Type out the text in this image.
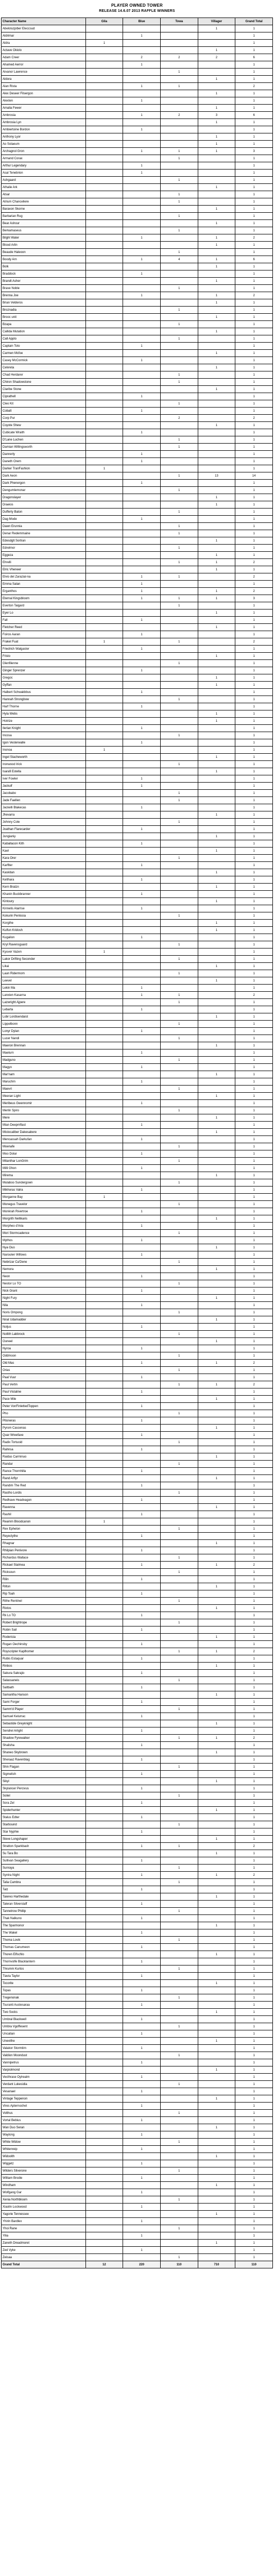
PLAYER OWNED TOWER
RELEASE 14.6.07 2013 RAFFLE WINNERS
Character Name	Gila	Blue	Towa	Villager	Grand Total
Abeloluzpiber Eleccsud				1	1
Aldrimar		1			1
Aldra	1				1
Actave Okiolo				1	1
Adam Creer		2	2	2	6
Ahamed Aerror		1			1
Aivanor Lawrence			1		1
Aldora				1	1
Alan Rista		1	1		2
Alex Deseer Filsergon				1	1
Alexten		1			1
Amalia Fewer				1	1
Ambrosia		1	2	3	6
Ambrosia Lyn				1	1
Ambiertoine Bordon		1			1
Anthony Lyor				1	1
Ao Solaeum				1	1
Archagnol Gron		1	1	1	3
Armand Corax			1		1
Arthur Legendary		1			1
Asal Tenebrion		1			1
Ashgaard			1		1
Athalie Ark				1	1
Atsar			1		1
Atrium Chanceliere			1		1
Baraxon Skorne				1	1
Barbarian Rug			1		1
Bear Ashour				1	1
Berkamaseus			1		1
Bilghl Water		1		1	2
Blood Arlin				1	1
Beaude Haleoon			1		1
Boody Arn		1	4	1	6
Bolk				1	1
Braddock		1			1
Brandt Asher				1	1
Brave Noble			1		1
Brenna Joe		1		1	2
Brian Velderos				1	1
Broznadia			1		1
Brooc unit				1	1
Bzapa			1		1
Callida Mutation				1	1
Call Applo			1		1
Captain Toto		1			1
Carmen Mcfoe				1	1
Casey McCormick		1			1
Celvreta				1	1
Chad Herdarer			1		1
Chiron Shadowstone			1		1
Claribe Stone				1	1
Ciprathell		1			1
Cleo Kit			1		1
Cobalt		1			1
Corp Pur			2		2
Coyote Shew				1	1
Cubicate Wraith		1			1
D'Lane Luchen			1		1
Damian Willingsworth			1		1
Dannerly		1			1
Daneth Orem		1			1
Darker TranFashion	1				1
Dark Aeon			1	13	14
Dark Phenergon		1			1
Dengumlemonar			1		1
Dragonslayer				1	1
Draeios				1	1
Dufferty Baton			1		1
Dag Mode		1			1
Dawn Erunnia			1		1
Denar Redemmaine			1		1
Edesdglt Sortran				1	1
Edrelmor			1		1
Eggeza				1	1
Ehrelli			1	1	2
Elric Vheneer				1	1
Elvio del Zarazial-na		1	1		2
Emma Salan		1			1
Erganthos		1		1	2
Eternal Kingsbloom		1	1	1	3
Everton Taigard			1		1
Eyer Lo				1	1
Fall		1			1
Fletcher Reed				1	1
Foiros Aaran		1			1
Frakel Fuat	1		1		2
Friedrich Walgaster		1			1
Fristo				1	1
Glenfilenne			1		1
Ginger Sprenzer		1			1
Gregoc				1	1
Gyffan				1	1
Halbert Schwakbbus		1			1
Hannah Strongbow			1		1
Harf Thorne		1			1
Hyla Webs				1	1
Hotrize				1	1
Ilerlan Knight		1			1
Incosa			1		1
Igon Vesterwalle		1			1
Inonoa	1				1
Ingel Stacheworth				1	1
Ironwood Irick			1		1
Isarafi Estella				1	1
Iver Fowler		1			1
Jackulf		1			1
Jacobabo			1		1
Jade Faellen			1		1
Jackelli Blakecas		1			1
Jhevarra				1	1
Johnny Cole			1		1
Joathan Flarecarder		1			1
Jungianiy				1	1
Kaballacon Kith		1			1
Kael				1	1
Kara Orer			1		1
Karflter		1			1
Kaskitan				1	1
Kelthara		1			1
Kern Bratzn				1	1
Khanin Buckbranner		1			1
Kintoury				1	1
Kinnelis Alarrise		1			1
Kokurin Penlosia			1		1
Korgthe				1	1
Kulfun Kridosh				1	1
Kugalion		1			1
Kryl Ravensguard			1		1
Kyuver Vazen	1				1
Lakor Drifting Seconder			1		1
Likai				1	1
Laun Ridermorn			1		1
Leevel				1	1
Lekin Ma		1			1
Lanxien Kasarna		1	1		2
Lazwright Ajpere			1		1
Lebarta		1			1
Lobr Lordisendaist				1	1
Lippelbonn			1		1
Lonyr Dylan		1			1
Lucer Nandi			1		1
Maeron Brennan				1	1
Maelurn		1			1
Madguno			1		1
Magyo		1			1
Mar'nam				1	1
Maruchm		1			1
Maevri			1		1
Meeran Light				1	1
Meribeus Gwennomir		1			1
Merlin Spiro			1		1
Mere				1	1
Mian Deepmflast		1			1
Mistocaliber Dakesabere				1	1
Mencassah Darkufan		1			1
Moenafe			1		1
Moo Dolar		1			1
Mitanthar LonGrim			1		1
Milli Ghon		1			1
Mirema				1	1
Mulaboo Sundergown			1		1
Mikhoras Valra		1			1
Morganne Bay	1				1
Monegus Travelor			1		1
Monkrah Rivertroe		1			1
Morgrith Nellikaris				1	1
Morpheo d'Aria		1			1
Mori Stormcadence			1		1
Mythos		1			1
Nya Ouo				1	1
Naroulen Willows		1			1
Nebrizar Ca'Dene			1		1
Nemora				1	1
Neon		1			1
Nestor Lo TO			1		1
Nick Grant		1			1
Night Fury				1	1
Nila		1			1
Noris Ompong			1		1
Nirat Udamadder				1	1
Noljus		1			1
Nollith Labbrock			1		1
Ouneel				1	1
Nyroa		1			1
Oddmoon			1		1
Old Mas		1		1	2
Orias			1		1
Paal Vuur		1			1
Paul Vertin			1	1	2
Paul Vistaline		1			1
Pace Mile				1	1
Peter VonFinlettedToppen		1			1
Pho			1		1
Pitoneras		1			1
Pyrom Cascenas				1	1
Quar Wreefaxe		1			1
Radix Tortuoid			1		1
Rahnsa		1			1
Raidas Carminuo				1	1
Randar			1		1
Rance Thornhilla		1			1
Rand Arflyr				1	1
Randim The Red		1			1
Rastho Lordis			1		1
Redhave Headvagon		1			1
Ravenna				1	1
Rashil		1			1
Reamm Bloodcanon	1				1
Rex Ephelon			1		1
Reyeclythe		1			1
Rhagnar				1	1
Rhilpian Penivore		1			1
Richardus Wallace			1		1
Rickael Stalmea		1		1	2
Ricksoun			1		1
Rilin		1			1
Rilton				1	1
Rip Toah		1			1
Rithe Rentinel			1		1
Rixtos				1	1
Rk Lo TO		1			1
Robert Brightrope			1		1
Robin Sail		1			1
Rodericia				1	1
Rogan Oechinsby		1			1
Royscripter Kaplhomer			1	1	2
Rubis Estaquar		1			1
Rinbos				1	1
Sakura Sakrajio		1			1
Salassaneis			1		1
Saltbath		1			1
Samantha Hanson				1	1
Sami Forger		1			1
Samm'd Player			1		1
Samuel Kelurrac		1			1
Sebastide Greyknight				1	1
Sendrel Arlight		1			1
Shadow Fyrewalker			1	1	2
Shalisha		1			1
Shaneo Skybrown				1	1
Sheraaz Ravenblag		1			1
Shin Flagan			1		1
Sigmelish		1			1
Sikyl				1	1
Skylancer Percivus		1			1
Soliel			1		1
Sora Zel		1			1
Spiderhunter				1	1
Stalus Edter		1			1
Starbound			1		1
Star Nyphie		1			1
Steve Longshaper				1	1
Stratton Sparkbash		1	1		2
Su Tara Bo				1	1
Sullivan Seagallery		1			1
Sunraya			1		1
Syntra Night		1		1	2
Talia Cambra			1		1
Talz		1			1
Taiereo Harthedale				1	1
Taleran Silverstaff		1			1
Tannetrow Phillip			1		1
Thak Nalkuno		1			1
The Sparmonor				1	1
The Wakel		1			1
Thoma Lovik			1		1
Thomas Canumeon		1			1
Thoren Elfschlo				1	1
Thornvolfe Blacklantern		1			1
Thrumm Kurtos			1		1
Tiavia Taylor		1			1
Tocorite				1	1
Topas		1			1
Tregenonak			1		1
Tsuranti Austesaraa		1			1
Two Socks				1	1
Umbral Blackwell		1			1
Umbra Vgoffesent			1		1
Uncatian		1			1
Unevithe				1	1
Valakor Stormtirn		1			1
Valdion Moondust			1		1
Vannipetrus		1			1
Varpiolmond				1	1
Vecthrase Oylrealm		1			1
Verdant Lukesidia			1		1
Vesanael		1			1
Vintage Teppenon				1	1
Vires Apternochet		1			1
Volthus			1		1
Vortal Bebius		1			1
Wan Duo Seran				1	1
Waylong		1			1
White Widow			1		1
Whitenreip		1			1
Widoolth				1	1
Wiggetz		1			1
Wilders Silverone			1		1
William Brodie		1			1
Windham				1	1
Wolfgang Gar		1			1
Xenia Northbloom			1		1
Xiaolin Lockwood		1			1
Yagorie Tennessee				1	1
Yhirin Bardlex		1			1
Yhoi Rane			1		1
Yilia		1			1
Zaneth Dreadmoret				1	1
Zed Vyke		1			1
Zeisaa			1		1
Grand Total	12	220	110	710	110
